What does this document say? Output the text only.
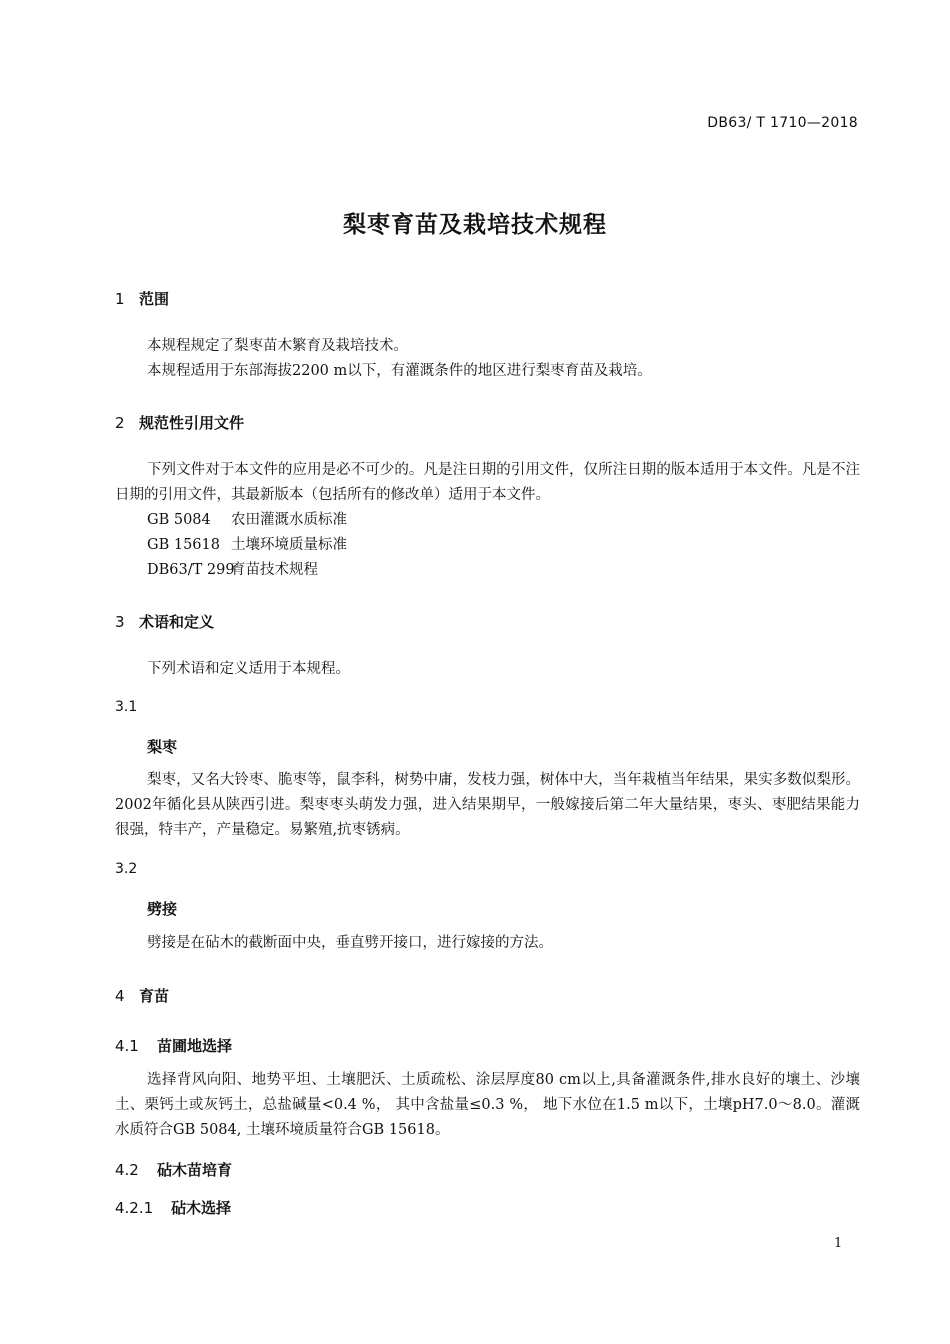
DB63/ T 1710—2018
梨枣育苗及栽培技术规程
1 范围
本规程规定了梨枣苗木繁育及栽培技术。
本规程适用于东部海拔2200 m以下，有灌溉条件的地区进行梨枣育苗及栽培。
2 规范性引用文件

下列文件对于本文件的应用是必不可少的。凡是注日期的引用文件，仅所注日期的版本适用于本文件。凡是不注日期的引用文件，其最新版本（包括所有的修改单）适用于本文件。

GB 5084 农田灌溉水质标准
GB 15618 土壤环境质量标准
DB63/T 299育苗技术规程
3 术语和定义
下列术语和定义适用于本规程。
3.1
梨枣

梨枣，又名大铃枣、脆枣等，鼠李科，树势中庸，发枝力强，树体中大，当年栽植当年结果，果实多数似梨形。2002年循化县从陕西引进。梨枣枣头萌发力强，进入结果期早，一般嫁接后第二年大量结果，枣头、枣肥结果能力很强，特丰产，产量稳定。易繁殖,抗枣锈病。

3.2
劈接
劈接是在砧木的截断面中央，垂直劈开接口，进行嫁接的方法。
4 育苗
4.1 苗圃地选择

选择背风向阳、地势平坦、土壤肥沃、土质疏松、涂层厚度80 cm以上,具备灌溉条件,排水良好的壤土、沙壤土、栗钙土或灰钙土，总盐碱量<0.4 %， 其中含盐量≤0.3 %， 地下水位在1.5 m以下，土壤pH7.0～8.0。灌溉水质符合GB 5084, 土壤环境质量符合GB 15618。

4.2 砧木苗培育
4.2.1 砧木选择
1
